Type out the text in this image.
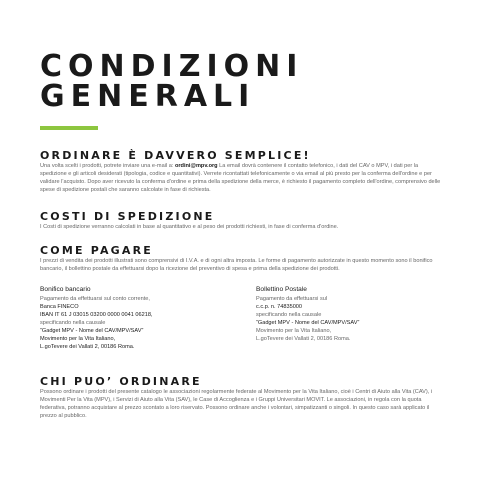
CONDIZIONI
GENERALI
ORDINARE È DAVVERO SEMPLICE!

Una volta scelti i prodotti, potrete inviare una e-mail a: ordini@mpv.org La email dovrà contenere il contatto telefonico, i dati del CAV o MPV, i dati per la spedizione e gli articoli desiderati (tipologia, codice e quantitativi). Verrete ricontattati telefonicamente o via email al più presto per la conferma dell'ordine e per validare l'acquisto. Dopo aver ricevuto la conferma d'ordine e prima della spedizione della merce, è richiesto il pagamento completo dell'ordine, comprensivo delle spese di spedizione postali che saranno calcolate in fase di richiesta.

COSTI DI SPEDIZIONE

I Costi di spedizione verranno calcolati in base al quantitativo e al peso dei prodotti richiesti, in fase di conferma d'ordine.

COME PAGARE

I prezzi di vendita dei prodotti illustrati sono comprensivi di I.V.A. e di ogni altra imposta. Le forme di pagamento autorizzate in questo momento sono il bonifico bancario, il bollettino postale da effettuarsi dopo la ricezione del preventivo di spesa e prima della spedizione dei prodotti.

Bonifico bancario

Pagamento da effettuarsi sul conto corrente,
Banca FINECO
IBAN IT 61 J 03015 03200 0000 0041 06218,
specificando nella causale
“Gadget MPV - Nome del CAV/MPV/SAV”
Movimento per la Vita Italiano,
L.goTevere dei Vallati 2, 00186 Roma.

Bollettino Postale

Pagamento da effettuarsi sul
c.c.p. n. 74835000
specificando nella causale
“Gadget MPV - Nome del CAV/MPV/SAV”
Movimento per la Vita Italiano,
L.goTevere dei Vallati 2, 00186 Roma.
CHI PUO’ ORDINARE

Possono ordinare i prodotti del presente catalogo le associazioni regolarmente federate al Movimento per la Vita Italiano, cioè i Centri di Aiuto alla Vita (CAV), i Movimenti Per la Vita (MPV), i Servizi di Aiuto alla Vita (SAV), le Case di Accoglienza e i Gruppi Universitari MOVIT. Le associazioni, in regola con la quota federativa, potranno acquistare al prezzo scontato a loro riservato. Possono ordinare anche i volontari, simpatizzanti o singoli. In questo caso sarà applicato il prezzo al pubblico.
